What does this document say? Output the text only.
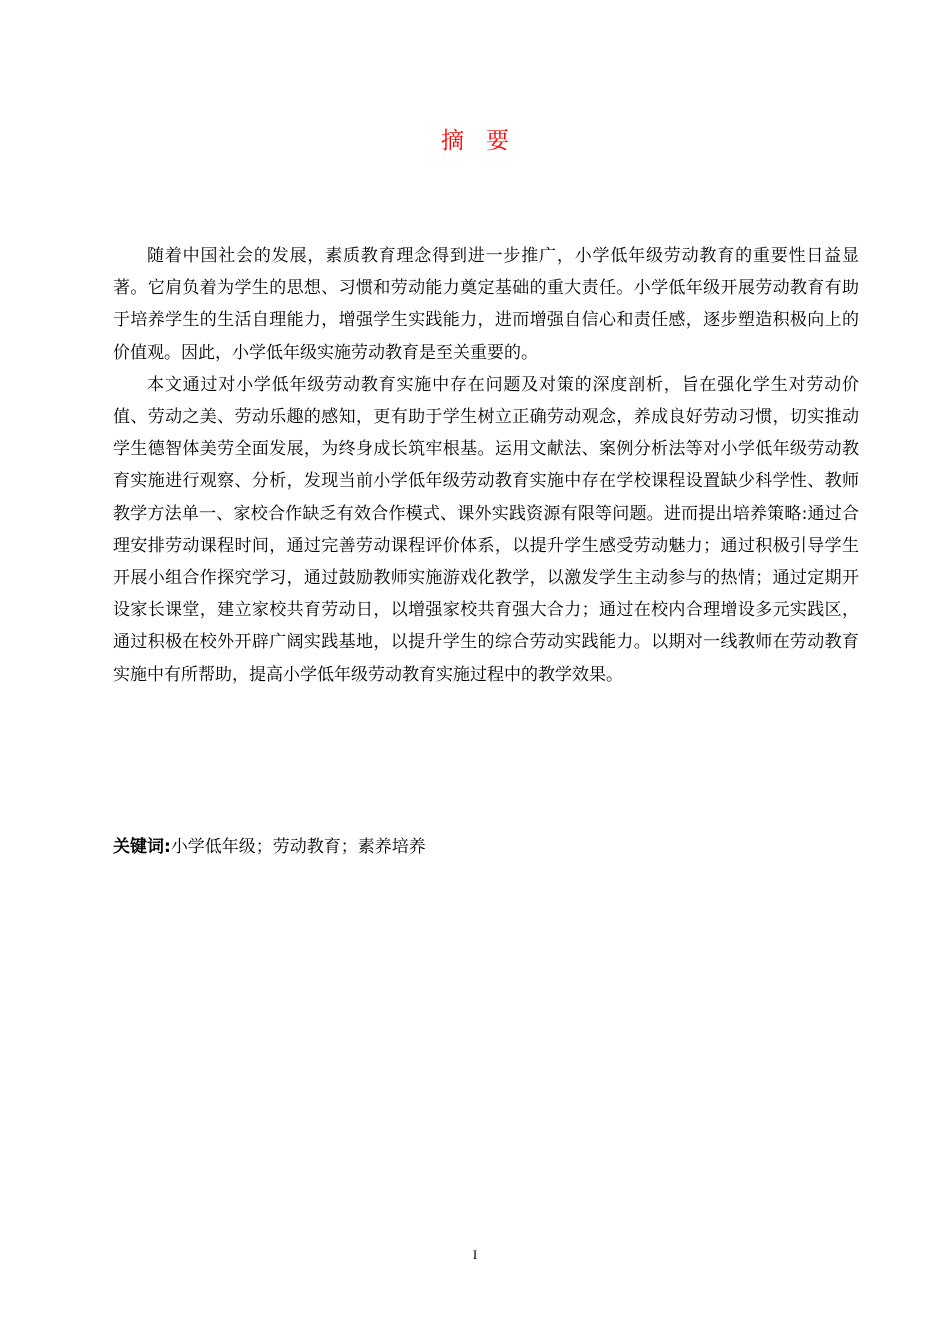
摘 要

随着中国社会的发展，素质教育理念得到进一步推广，小学低年级劳动教育的重要性日益显著。它肩负着为学生的思想、习惯和劳动能力奠定基础的重大责任。小学低年级开展劳动教育有助于培养学生的生活自理能力，增强学生实践能力，进而增强自信心和责任感，逐步塑造积极向上的价值观。因此，小学低年级实施劳动教育是至关重要的。

本文通过对小学低年级劳动教育实施中存在问题及对策的深度剖析，旨在强化学生对劳动价值、劳动之美、劳动乐趣的感知，更有助于学生树立正确劳动观念，养成良好劳动习惯，切实推动学生德智体美劳全面发展，为终身成长筑牢根基。运用文献法、案例分析法等对小学低年级劳动教育实施进行观察、分析，发现当前小学低年级劳动教育实施中存在学校课程设置缺少科学性、教师教学方法单一、家校合作缺乏有效合作模式、课外实践资源有限等问题。进而提出培养策略:通过合理安排劳动课程时间，通过完善劳动课程评价体系，以提升学生感受劳动魅力；通过积极引导学生开展小组合作探究学习，通过鼓励教师实施游戏化教学，以激发学生主动参与的热情；通过定期开设家长课堂，建立家校共育劳动日，以增强家校共育强大合力；通过在校内合理增设多元实践区，通过积极在校外开辟广阔实践基地，以提升学生的综合劳动实践能力。以期对一线教师在劳动教育实施中有所帮助，提高小学低年级劳动教育实施过程中的教学效果。

关键词:小学低年级；劳动教育；素养培养
I
